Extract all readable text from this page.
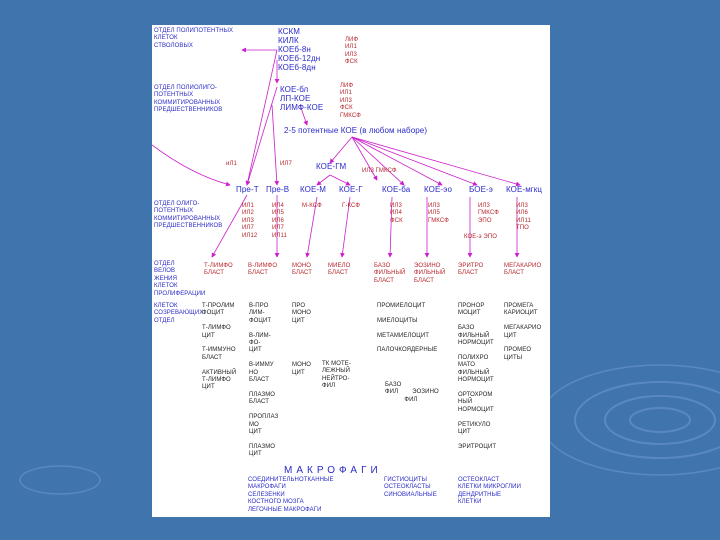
ОТДЕЛ ПОЛИПОТЕНТНЫХ
КЛЕТОК
СТВОЛОВЫХ
ОТДЕЛ ПОЛИОЛИГО-
ПОТЕНТНЫХ
КОММИТИРОВАННЫХ
ПРЕДШЕСТВЕННИКОВ
ОТДЕЛ ОЛИГО-
ПОТЕНТНЫХ
КОММИТИРОВАННЫХ
ПРЕДШЕСТВЕННИКОВ
ОТДЕЛ
ВЕЛОВ
ЖЕНИЯ
КЛЕТОК
ПРОЛИФЕРАЦИИ
КЛЕТОК
СОЗРЕВАЮЩИХ
ОТДЕЛ
КСКМ
КИЛК
КОЕб-8н
КОЕб-12дн
КОЕб-8дн
ЛИФ
ИЛ1
ИЛ3
ФСК
КОЕ-бл
ЛП-КОЕ
ЛИМФ-КОЕ
ЛИФ
ИЛ1
ИЛ3
ФСК
ГМКСФ
2-5 потентные КОЕ (в любом наборе)
иЛ1	ИЛ7	КОЕ-ГМ	ИЛ3 ГМКСФ
Пре-T Пре-В КОЕ-М КОЕ-Г КОЕ-ба КОЕ-эо БОЕ-э КОЕ-мгкц
ИЛ1
ИЛ2
ИЛ3
ИЛ7
ИЛ12
ИЛ4
ИЛ5
ИЛ6
ИЛ7
ИЛ11
М-КСФ	Г-КСФ	ИЛ3
ИЛ4
ФСК
ИЛ3
ИЛ5
ГМКСФ
ИЛ3
ГМКСФ
ЭПО
ИЛ3
ИЛ6
ИЛ11
ТПО
КОЕ-э ЭПО
Т-ЛИМФО
БЛАСТ
В-ЛИМФО
БЛАСТ
МОНО
БЛАСТ
МИЕЛО
БЛАСТ
БАЗО
ФИЛЬНЫЙ
БЛАСТ
ЭОЗИНО
ФИЛЬНЫЙ
БЛАСТ
ЭРИТРО
БЛАСТ
МЕГАКАРИО
БЛАСТ
Т-ПРОЛИМ
ФОЦИТ

Т-ЛИМФО
ЦИТ

Т-ИММУНО
БЛАСТ

АКТИВНЫЙ
Т-ЛИМФО
ЦИТ
В-ПРО
ЛИМ-
ФОЦИТ

В-ЛИМ-
ФО-
ЦИТ

В-ИММУ
НО
БЛАСТ

ПЛАЗМО
БЛАСТ

ПРОПЛАЗ
МО
ЦИТ

ПЛАЗМО
ЦИТ
ПРО
МОНО
ЦИТ

МОНО
ЦИТ
ТК МОТЕ-
ЛЕЖНЫЙ
НЕЙТРО-
ФИЛ
ПРОМИЕЛОЦИТ

МИЕЛОЦИТЫ

МЕТАМИЕЛОЦИТ

ПАЛОЧКОЯДЕРНЫЕ
БАЗО
ФИЛ        ЭОЗИНО
ФИЛ
ПРОНОР
МОЦИТ

БАЗО
ФИЛЬНЫЙ
НОРМОЦИТ

ПОЛИХРО
МАТО
ФИЛЬНЫЙ
НОРМОЦИТ

ОРТОХРОМ
НЫЙ
НОРМОЦИТ

РЕТИКУЛО
ЦИТ

ЭРИТРОЦИТ
ПРОМЕГА
КАРИОЦИТ

МЕГАКАРИО
ЦИТ

ПРОМЕО
ЦИТЫ
МАКРОФАГИ
СОЕДИНИТЕЛЬНОТКАННЫЕ
МАКРОФАГИ
СЕЛЕЗЕНКИ
КОСТНОГО МОЗГА
ЛЕГОЧНЫЕ МАКРОФАГИ
ГИСТИОЦИТЫ
ОСТЕОКЛАСТЫ
СИНОВИАЛЬНЫЕ
ОСТЕОКЛАСТ
КЛЕТКИ МИКРОГЛИИ
ДЕНДРИТНЫЕ
КЛЕТКИ
